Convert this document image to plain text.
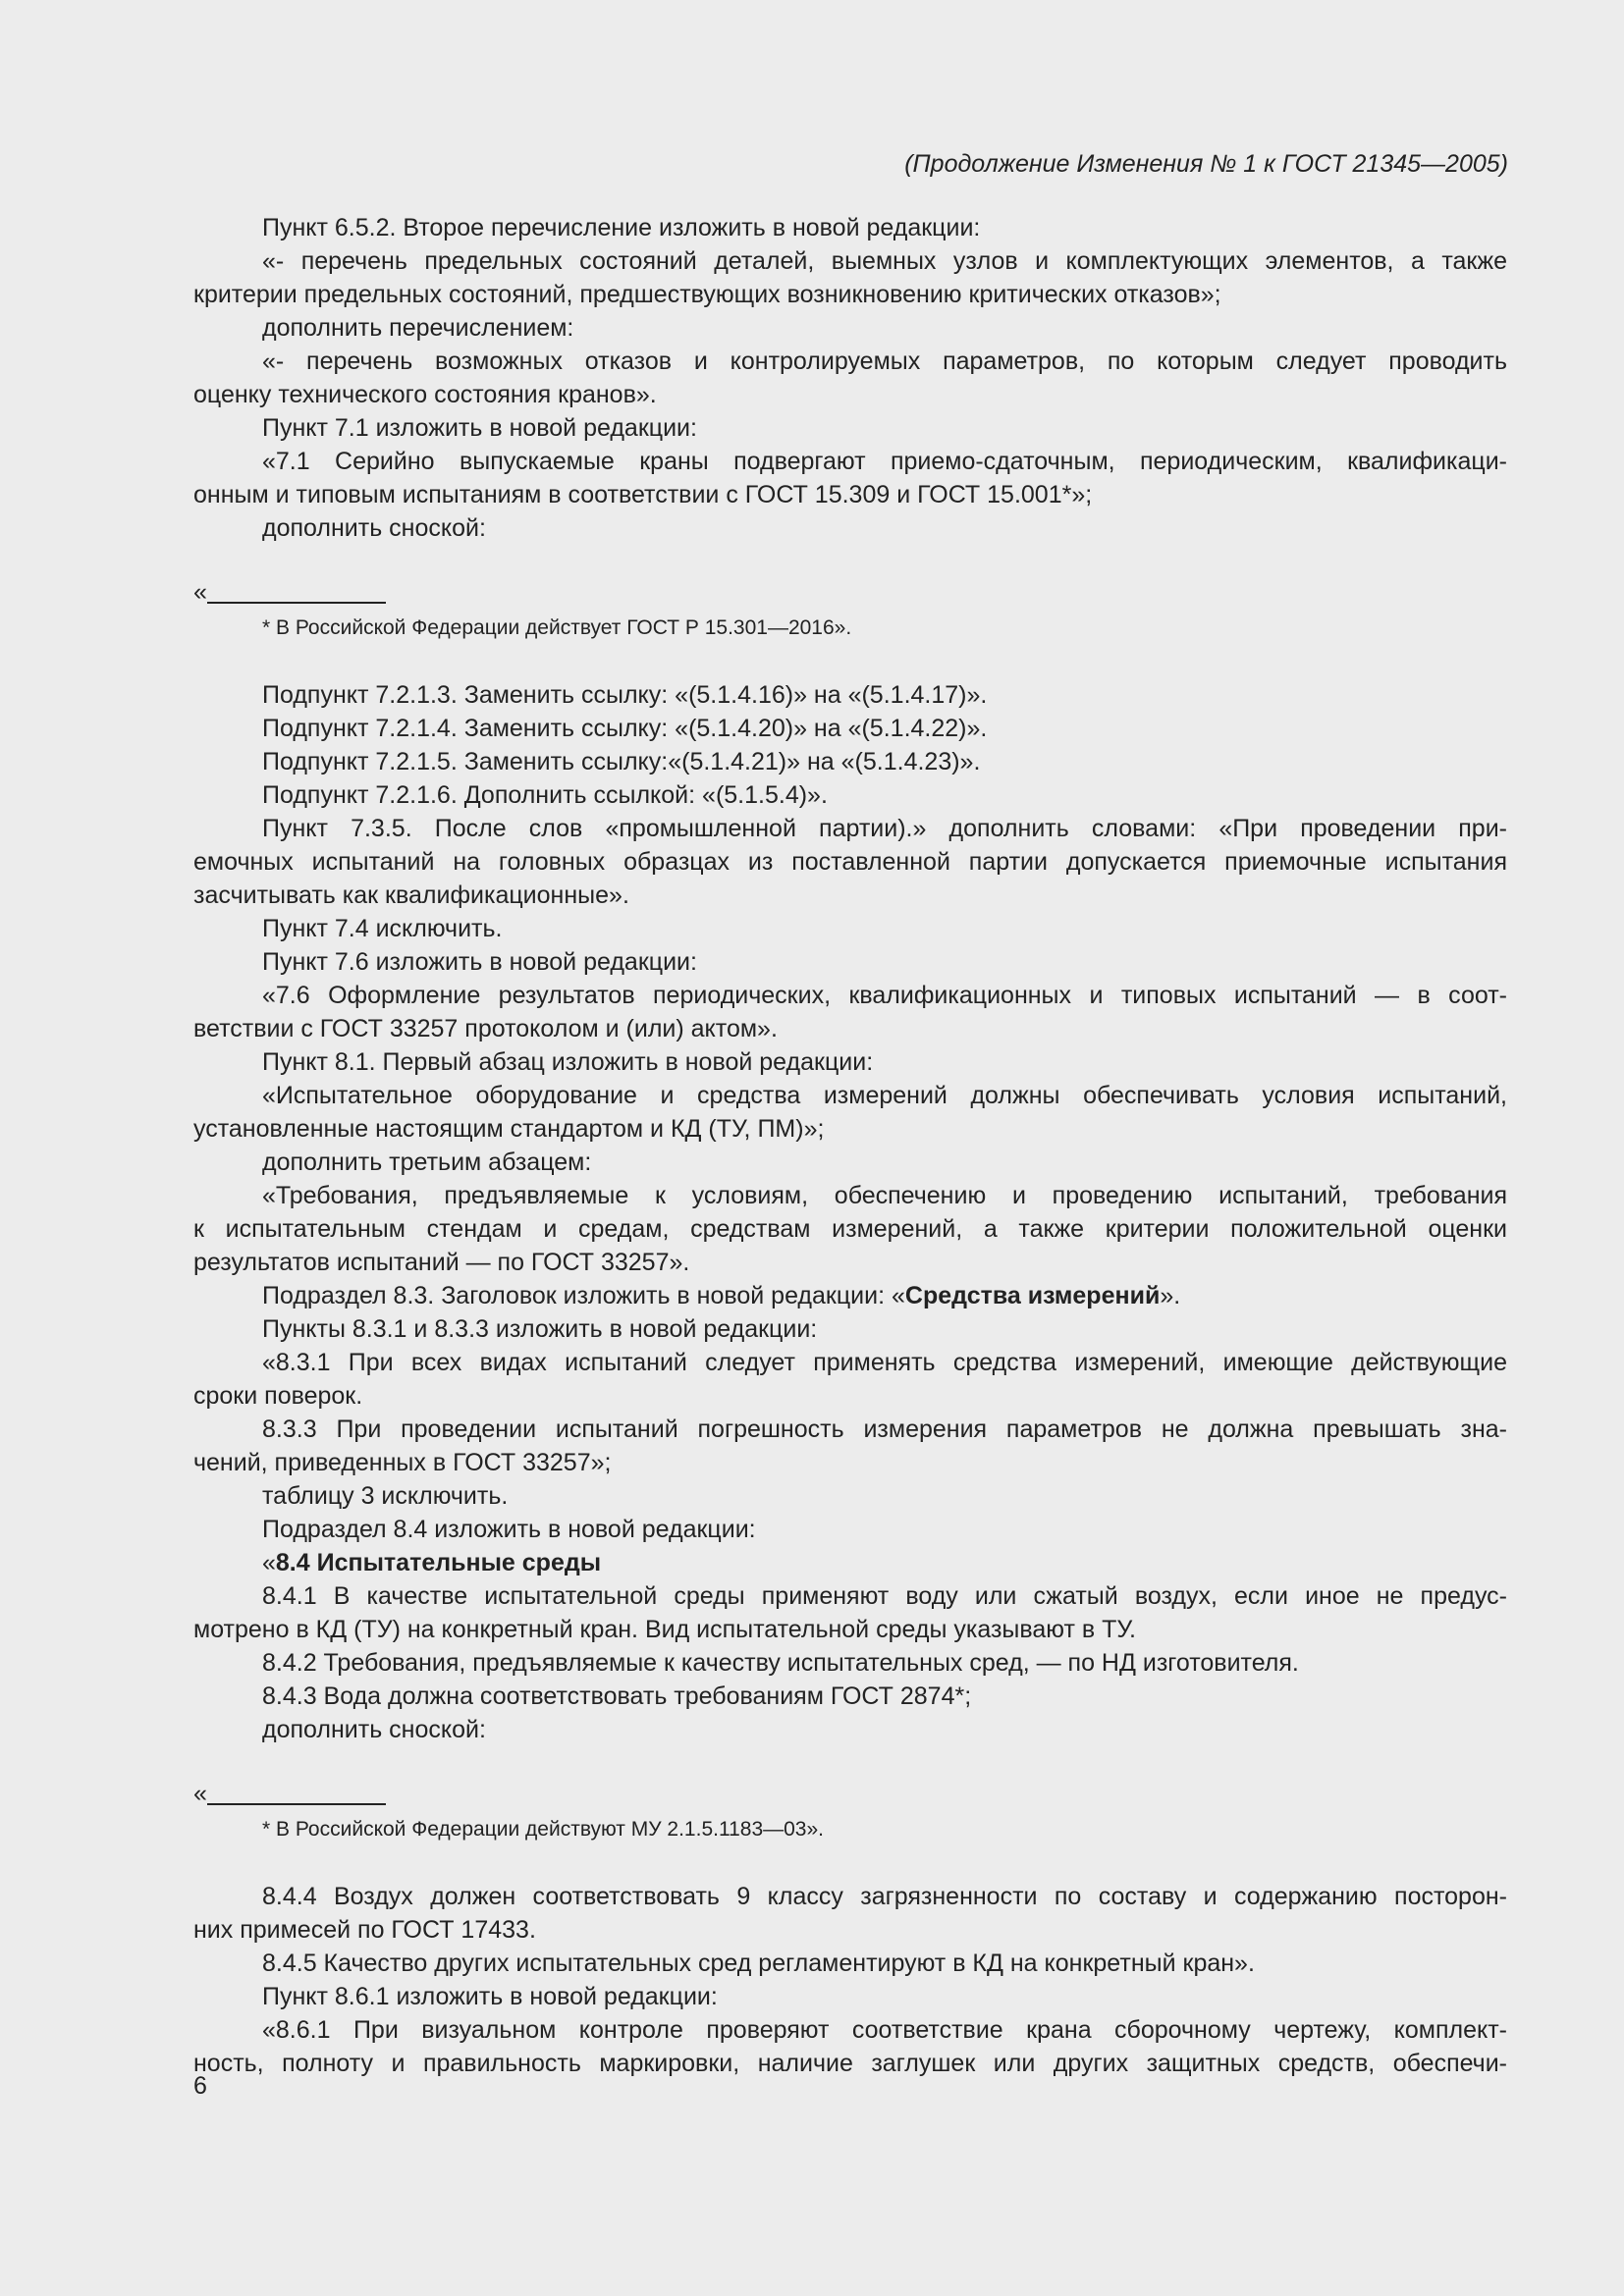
(Продолжение Изменения № 1 к ГОСТ 21345—2005)
Пункт 6.5.2. Второе перечисление изложить в новой редакции:
«- перечень предельных состояний деталей, выемных узлов и комплектующих элементов, а также
критерии предельных состояний, предшествующих возникновению критических отказов»;
дополнить перечислением:
«- перечень возможных отказов и контролируемых параметров, по которым следует проводить
оценку технического состояния кранов».
Пункт 7.1 изложить в новой редакции:
«7.1 Серийно выпускаемые краны подвергают приемо-сдаточным, периодическим, квалификаци-
онным и типовым испытаниям в соответствии с ГОСТ 15.309 и ГОСТ 15.001*»;
дополнить сноской:
«
* В Российской Федерации действует ГОСТ Р 15.301—2016».
Подпункт 7.2.1.3. Заменить ссылку: «(5.1.4.16)» на «(5.1.4.17)».
Подпункт 7.2.1.4. Заменить ссылку: «(5.1.4.20)» на «(5.1.4.22)».
Подпункт 7.2.1.5. Заменить ссылку:«(5.1.4.21)» на «(5.1.4.23)».
Подпункт 7.2.1.6. Дополнить ссылкой: «(5.1.5.4)».
Пункт 7.3.5. После слов «промышленной партии).» дополнить словами: «При проведении при-
емочных испытаний на головных образцах из поставленной партии допускается приемочные испытания
засчитывать как квалификационные».
Пункт 7.4 исключить.
Пункт 7.6 изложить в новой редакции:
«7.6 Оформление результатов периодических, квалификационных и типовых испытаний — в соот-
ветствии с ГОСТ 33257 протоколом и (или) актом».
Пункт 8.1. Первый абзац изложить в новой редакции:
«Испытательное оборудование и средства измерений должны обеспечивать условия испытаний,
установленные настоящим стандартом и КД (ТУ, ПМ)»;
дополнить третьим абзацем:
«Требования, предъявляемые к условиям, обеспечению и проведению испытаний, требования
к испытательным стендам и средам, средствам измерений, а также критерии положительной оценки
результатов испытаний — по ГОСТ 33257».
Подраздел 8.3. Заголовок изложить в новой редакции: «Средства измерений».
Пункты 8.3.1 и 8.3.3 изложить в новой редакции:
«8.3.1 При всех видах испытаний следует применять средства измерений, имеющие действующие
сроки поверок.
8.3.3 При проведении испытаний погрешность измерения параметров не должна превышать зна-
чений, приведенных в ГОСТ 33257»;
таблицу 3 исключить.
Подраздел 8.4 изложить в новой редакции:
«8.4 Испытательные среды
8.4.1 В качестве испытательной среды применяют воду или сжатый воздух, если иное не предус-
мотрено в КД (ТУ) на конкретный кран. Вид испытательной среды указывают в ТУ.
8.4.2 Требования, предъявляемые к качеству испытательных сред, — по НД изготовителя.
8.4.3 Вода должна соответствовать требованиям ГОСТ 2874*;
дополнить сноской:
«
* В Российской Федерации действуют МУ 2.1.5.1183—03».
8.4.4 Воздух должен соответствовать 9 классу загрязненности по составу и содержанию посторон-
них примесей по ГОСТ 17433.
8.4.5 Качество других испытательных сред регламентируют в КД на конкретный кран».
Пункт 8.6.1 изложить в новой редакции:
«8.6.1 При визуальном контроле проверяют соответствие крана сборочному чертежу, комплект-
ность, полноту и правильность маркировки, наличие заглушек или других защитных средств, обеспечи-
6
